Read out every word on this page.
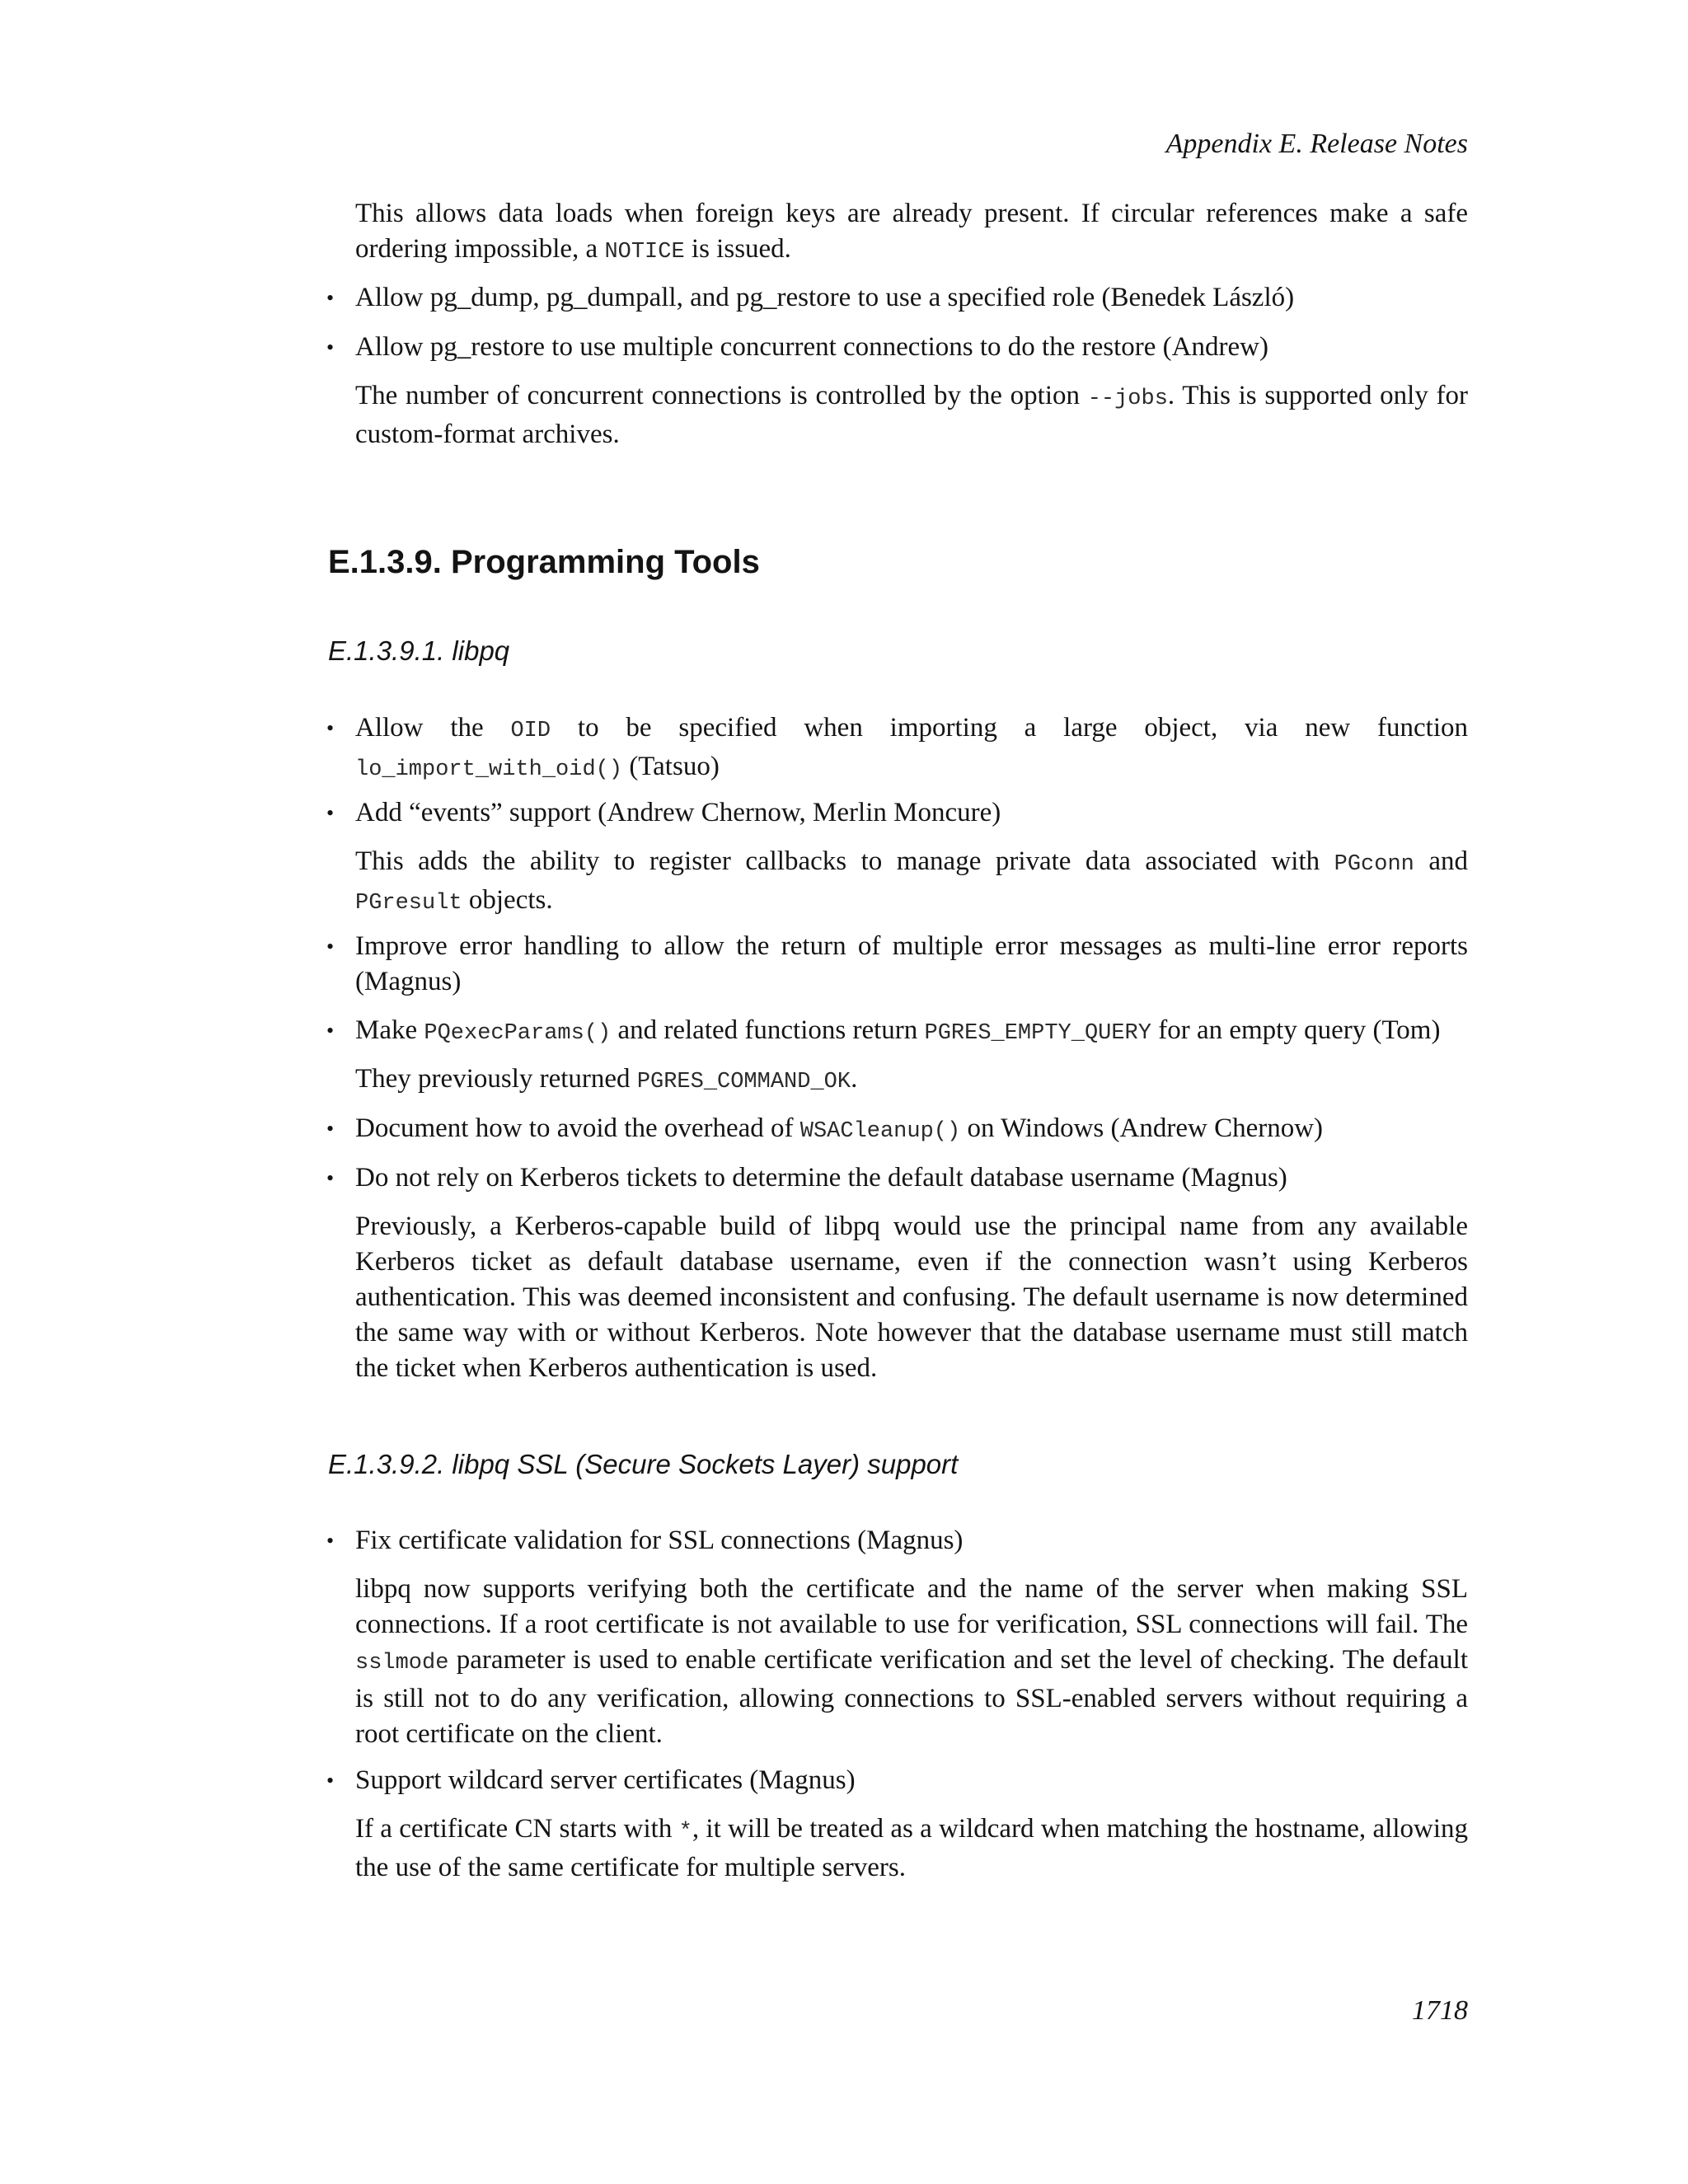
Appendix E. Release Notes

This allows data loads when foreign keys are already present. If circular references make a safe ordering impossible, a NOTICE is issued.

• Allow pg_dump, pg_dumpall, and pg_restore to use a specified role (Benedek László)
• Allow pg_restore to use multiple concurrent connections to do the restore (Andrew)

The number of concurrent connections is controlled by the option --jobs. This is supported only for custom-format archives.

E.1.3.9. Programming Tools
E.1.3.9.1. libpq
• Allow the OID to be specified when importing a large object, via new function lo_import_with_oid() (Tatsuo)
• Add “events” support (Andrew Chernow, Merlin Moncure)

This adds the ability to register callbacks to manage private data associated with PGconn and PGresult objects.

• Improve error handling to allow the return of multiple error messages as multi-line error reports (Magnus)
• Make PQexecParams() and related functions return PGRES_EMPTY_QUERY for an empty query (Tom)

They previously returned PGRES_COMMAND_OK.

• Document how to avoid the overhead of WSACleanup() on Windows (Andrew Chernow)
• Do not rely on Kerberos tickets to determine the default database username (Magnus)

Previously, a Kerberos-capable build of libpq would use the principal name from any available Kerberos ticket as default database username, even if the connection wasn’t using Kerberos authentication. This was deemed inconsistent and confusing. The default username is now determined the same way with or without Kerberos. Note however that the database username must still match the ticket when Kerberos authentication is used.

E.1.3.9.2. libpq SSL (Secure Sockets Layer) support
• Fix certificate validation for SSL connections (Magnus)

libpq now supports verifying both the certificate and the name of the server when making SSL connections. If a root certificate is not available to use for verification, SSL connections will fail. The sslmode parameter is used to enable certificate verification and set the level of checking. The default is still not to do any verification, allowing connections to SSL-enabled servers without requiring a root certificate on the client.

• Support wildcard server certificates (Magnus)

If a certificate CN starts with *, it will be treated as a wildcard when matching the hostname, allowing the use of the same certificate for multiple servers.

1718
